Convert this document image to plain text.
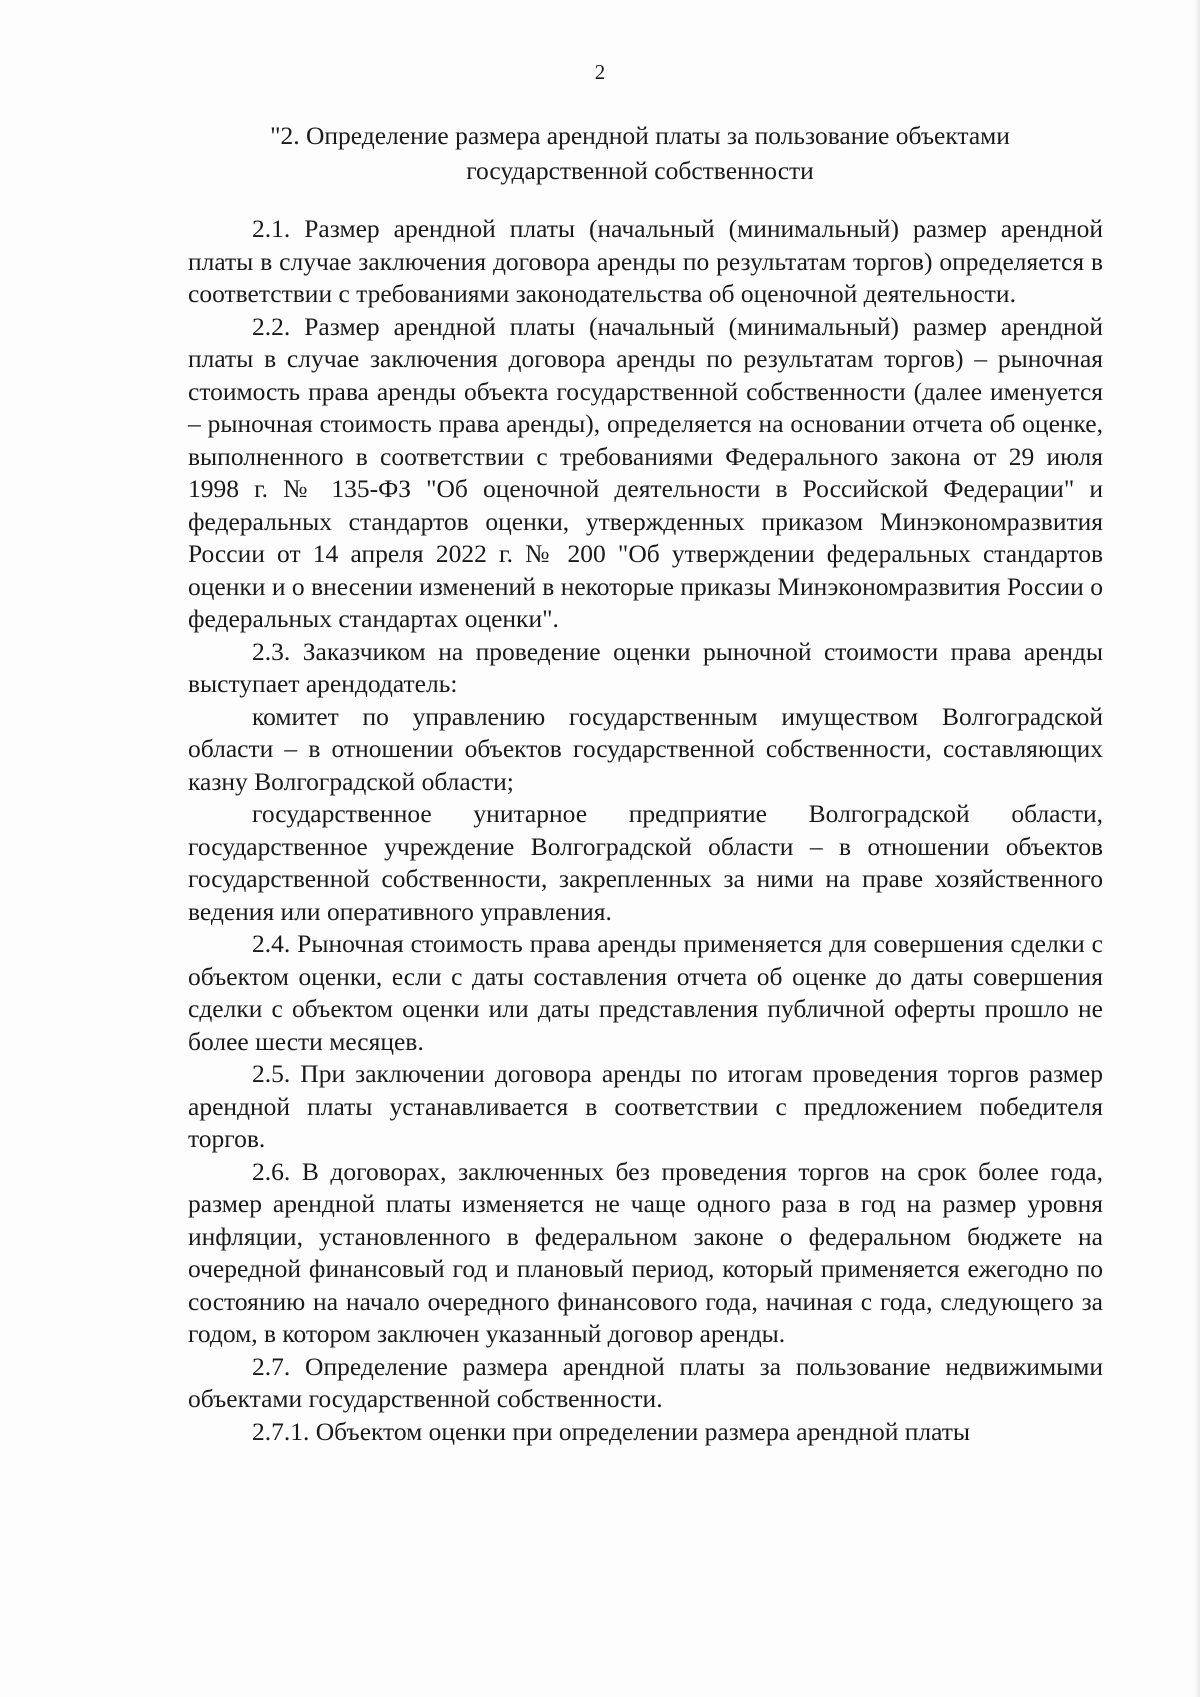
2
"2. Определение размера арендной платы за пользование объектами государственной собственности

2.1. Размер арендной платы (начальный (минимальный) размер арендной платы в случае заключения договора аренды по результатам торгов) определяется в соответствии с требованиями законодательства об оценочной деятельности.

2.2. Размер арендной платы (начальный (минимальный) размер арендной платы в случае заключения договора аренды по результатам торгов) – рыночная стоимость права аренды объекта государственной собственности (далее именуется – рыночная стоимость права аренды), определяется на основании отчета об оценке, выполненного в соответствии с требованиями Федерального закона от 29 июля 1998 г. № 135-ФЗ "Об оценочной деятельности в Российской Федерации" и федеральных стандартов оценки, утвержденных приказом Минэкономразвития России от 14 апреля 2022 г. № 200 "Об утверждении федеральных стандартов оценки и о внесении изменений в некоторые приказы Минэкономразвития России о федеральных стандартах оценки".

2.3. Заказчиком на проведение оценки рыночной стоимости права аренды выступает арендодатель:

комитет по управлению государственным имуществом Волгоградской области – в отношении объектов государственной собственности, составляющих казну Волгоградской области;

государственное унитарное предприятие Волгоградской области, государственное учреждение Волгоградской области – в отношении объектов государственной собственности, закрепленных за ними на праве хозяйственного ведения или оперативного управления.

2.4. Рыночная стоимость права аренды применяется для совершения сделки с объектом оценки, если с даты составления отчета об оценке до даты совершения сделки с объектом оценки или даты представления публичной оферты прошло не более шести месяцев.

2.5. При заключении договора аренды по итогам проведения торгов размер арендной платы устанавливается в соответствии с предложением победителя торгов.

2.6. В договорах, заключенных без проведения торгов на срок более года, размер арендной платы изменяется не чаще одного раза в год на размер уровня инфляции, установленного в федеральном законе о федеральном бюджете на очередной финансовый год и плановый период, который применяется ежегодно по состоянию на начало очередного финансового года, начиная с года, следующего за годом, в котором заключен указанный договор аренды.

2.7. Определение размера арендной платы за пользование недвижимыми объектами государственной собственности.

2.7.1. Объектом оценки при определении размера арендной платы
